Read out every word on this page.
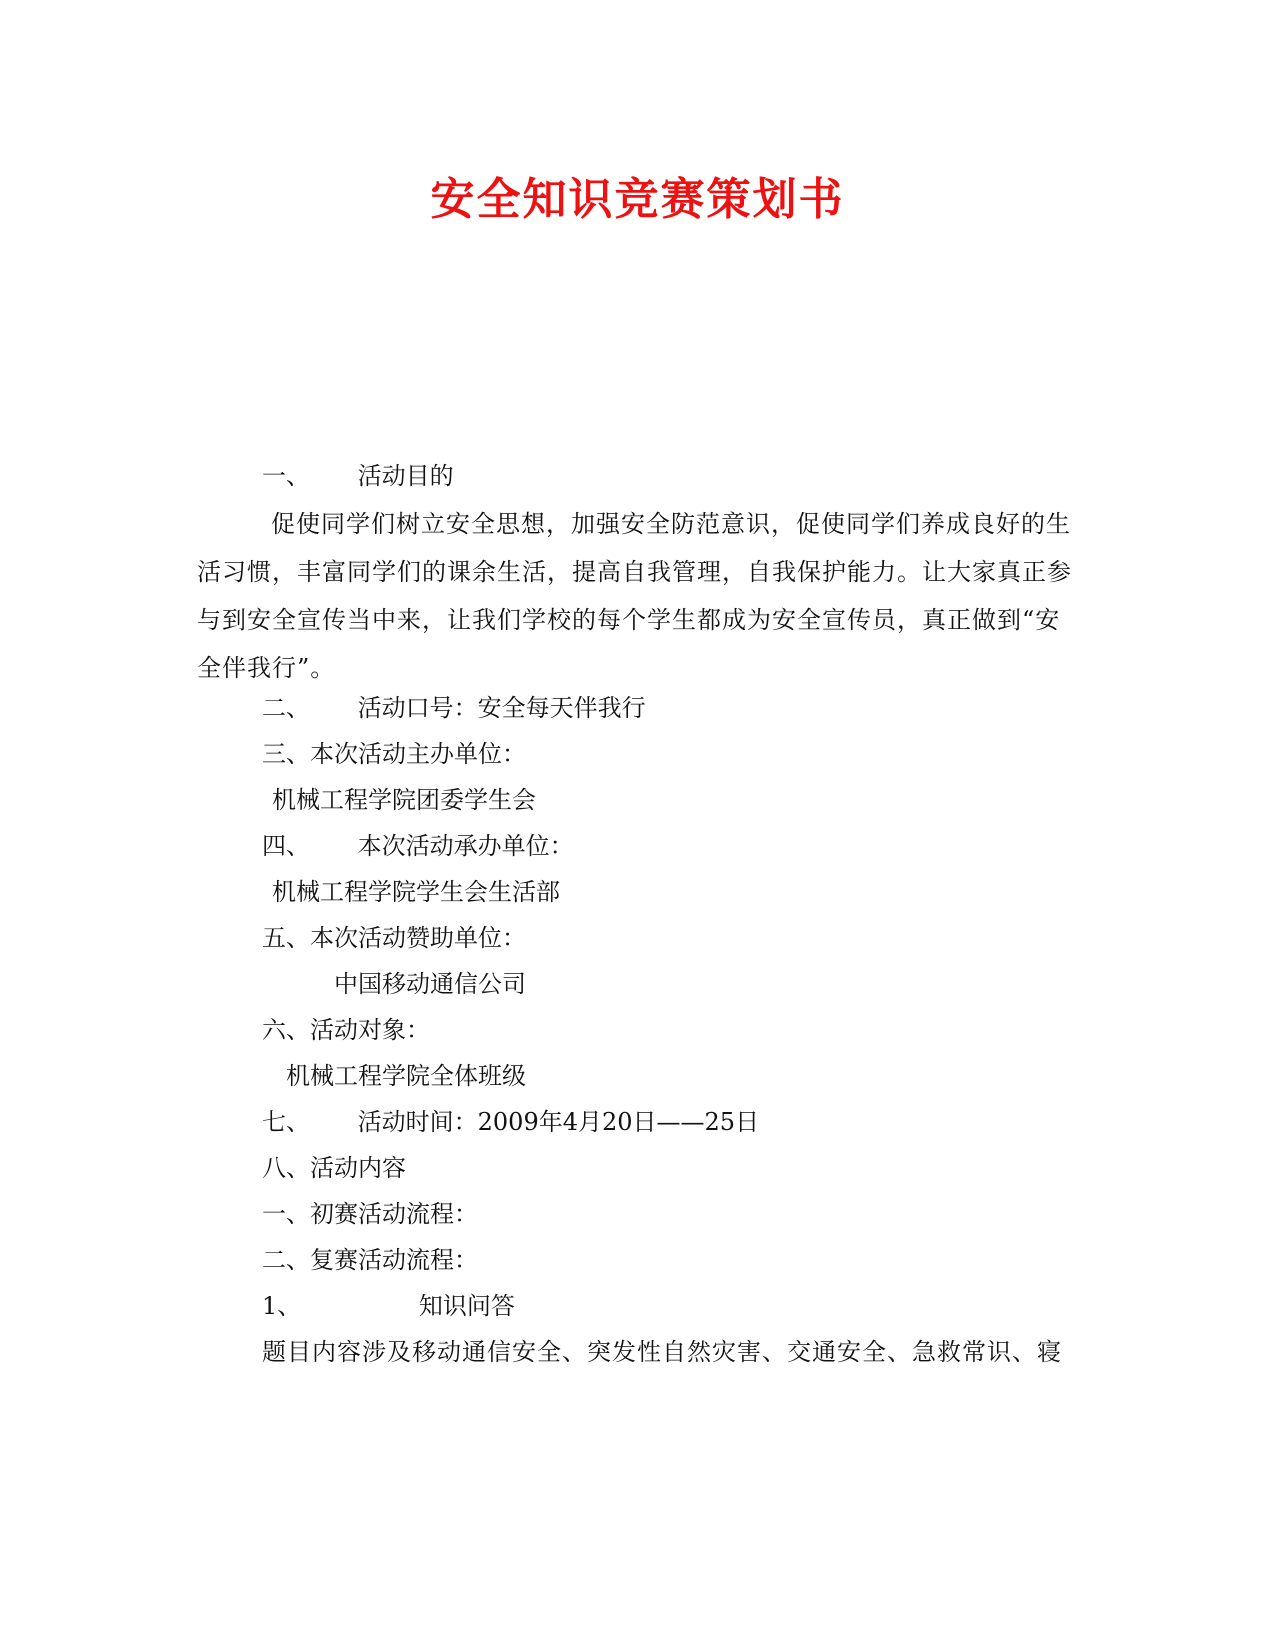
安全知识竞赛策划书
一、 活动目的
促使同学们树立安全思想，加强安全防范意识，促使同学们养成良好的生活习惯，丰富同学们的课余生活，提高自我管理，自我保护能力。让大家真正参与到安全宣传当中来，让我们学校的每个学生都成为安全宣传员，真正做到“安全伴我行”。
二、 活动口号：安全每天伴我行
三、本次活动主办单位：
机械工程学院团委学生会
四、 本次活动承办单位：
机械工程学院学生会生活部
五、本次活动赞助单位：
中国移动通信公司
六、活动对象：
机械工程学院全体班级
七、 活动时间：2009年4月20日——25日
八、活动内容
一、初赛活动流程：
二、复赛活动流程：
1、	知识问答
题目内容涉及移动通信安全、突发性自然灾害、交通安全、急救常识、寝
